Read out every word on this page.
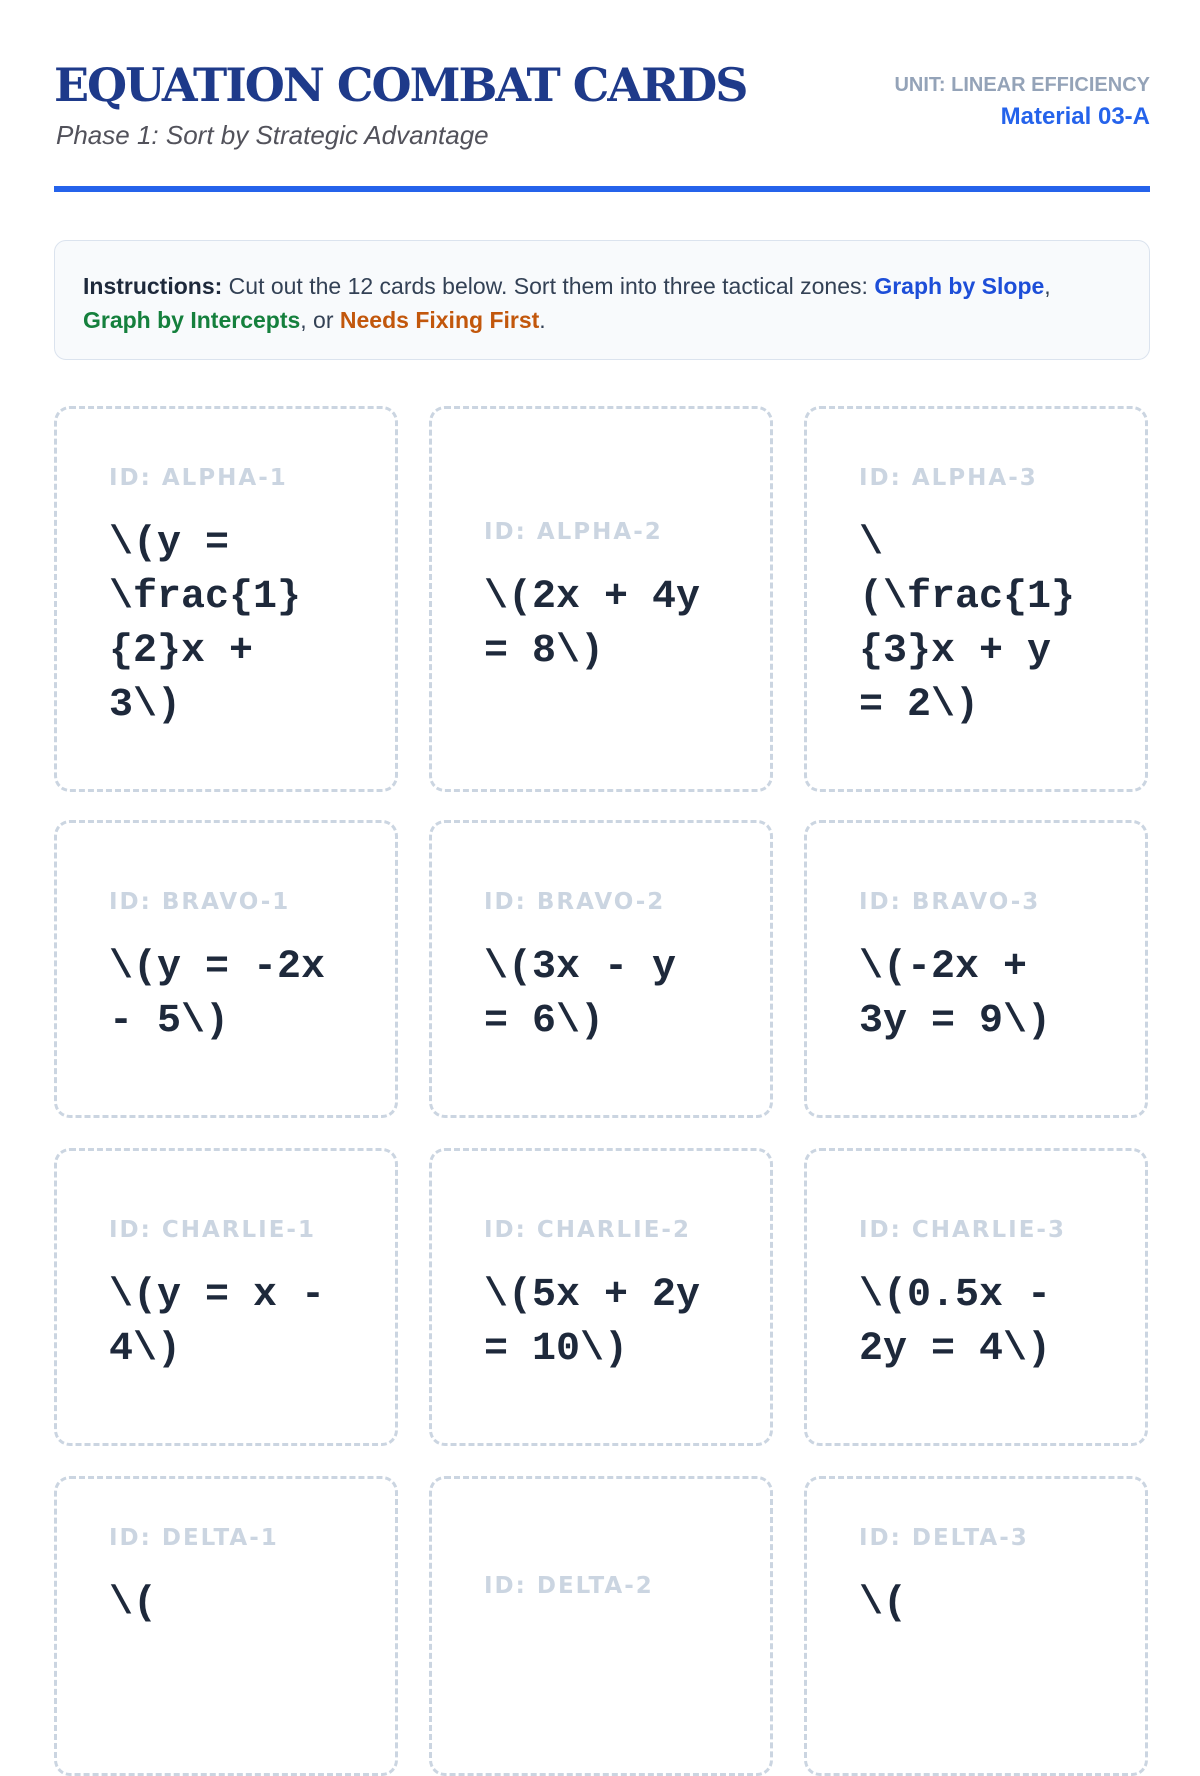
EQUATION COMBAT CARDS
Phase 1: Sort by Strategic Advantage
UNIT: LINEAR EFFICIENCY
Material 03-A
Instructions: Cut out the 12 cards below. Sort them into three tactical zones: Graph by Slope, Graph by Intercepts, or Needs Fixing First.
ID: ALPHA-1
\(y = \frac{1}{2}x + 3\)
ID: ALPHA-2
\(2x + 4y = 8\)
ID: ALPHA-3
\(\frac{1}{3}x + y = 2\)
ID: BRAVO-1
\(y = -2x - 5\)
ID: BRAVO-2
\(3x - y = 6\)
ID: BRAVO-3
\(-2x + 3y = 9\)
ID: CHARLIE-1
\(y = x - 4\)
ID: CHARLIE-2
\(5x + 2y = 10\)
ID: CHARLIE-3
\(0.5x - 2y = 4\)
ID: DELTA-1
\(	ID: DELTA-2
ID: DELTA-3
\(
